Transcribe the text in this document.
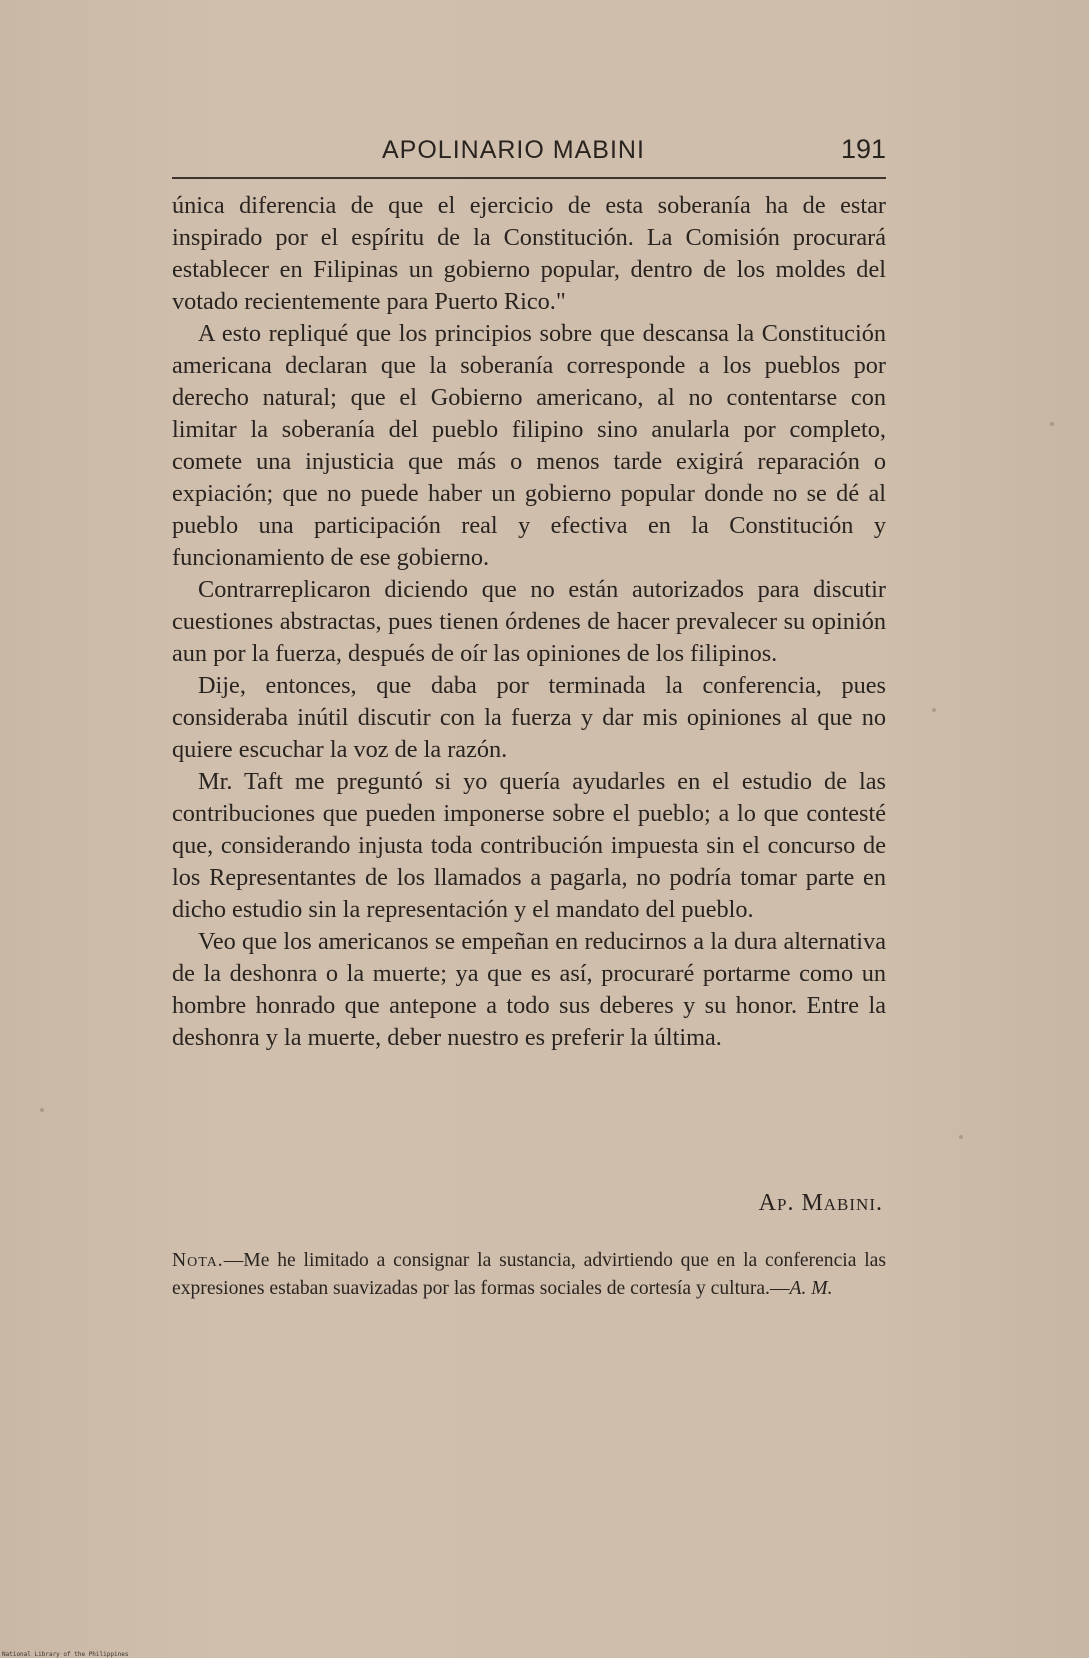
APOLINARIO MABINI	191

única diferencia de que el ejercicio de esta soberanía ha de estar inspirado por el espíritu de la Constitución. La Comisión procurará establecer en Filipinas un gobierno popular, dentro de los moldes del votado recientemente para Puerto Rico."

A esto repliqué que los principios sobre que descansa la Constitución americana declaran que la soberanía corresponde a los pueblos por derecho natural; que el Gobierno americano, al no contentarse con limitar la soberanía del pueblo filipino sino anularla por completo, comete una injusticia que más o menos tarde exigirá reparación o expiación; que no puede haber un gobierno popular donde no se dé al pueblo una participación real y efectiva en la Constitución y funcionamiento de ese gobierno.

Contrarreplicaron diciendo que no están autorizados para discutir cuestiones abstractas, pues tienen órdenes de hacer prevalecer su opinión aun por la fuerza, después de oír las opiniones de los filipinos.

Dije, entonces, que daba por terminada la conferencia, pues consideraba inútil discutir con la fuerza y dar mis opiniones al que no quiere escuchar la voz de la razón.

Mr. Taft me preguntó si yo quería ayudarles en el estudio de las contribuciones que pueden imponerse sobre el pueblo; a lo que contesté que, considerando injusta toda contribución impuesta sin el concurso de los Representantes de los llamados a pagarla, no podría tomar parte en dicho estudio sin la representación y el mandato del pueblo.

Veo que los americanos se empeñan en reducirnos a la dura alternativa de la deshonra o la muerte; ya que es así, procuraré portarme como un hombre honrado que antepone a todo sus deberes y su honor. Entre la deshonra y la muerte, deber nuestro es preferir la última.

Ap. Mabini.
Nota.—Me he limitado a consignar la sustancia, advirtiendo que en la conferencia las expresiones estaban suavizadas por las formas sociales de cortesía y cultura.—A. M.
National Library of the Philippines
